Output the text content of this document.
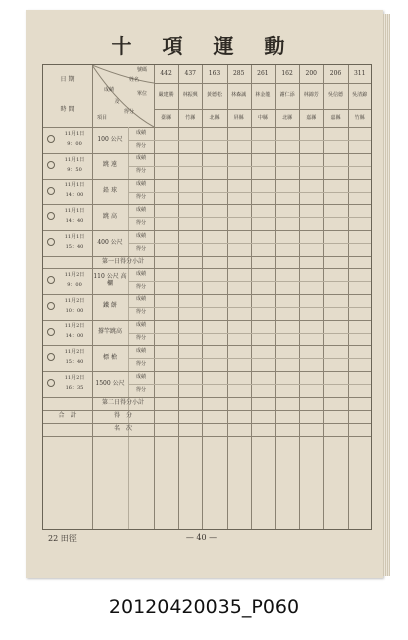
十 項 運 動
日 期
時 間
號碼
姓名
單位
成績
及
得分
項目
442
嚴建勝
臺縣
437
林振興
竹縣
163
黃德松
北縣
285
林森誠
屏縣
261
林金龍
中縣
162
謝仁添
北縣
200
林錦芳
嘉縣
206
吳信德
嘉縣
311
吳清錦
竹縣
11月1日
9：00
100 公尺
成績
得分
11月1日
9：50
跳 遠
成績
得分
11月1日
14：00
鉛 球
成績
得分
11月1日
14：40
跳 高
成績
得分
11月1日
15：40
400 公尺
成績
得分
第一日得分小計
11月2日
9：00
110 公尺 高欄
成績
得分
11月2日
10：00
鐵 餅
成績
得分
11月2日
14：00
撐竿跳高
成績
得分
11月2日
15：40
標 槍
成績
得分
11月2日
16：35
1500 公尺
成績
得分
第二日得分小計
得　分
名　次
合　計
22 田徑	— 40 —
20120420035_P060
